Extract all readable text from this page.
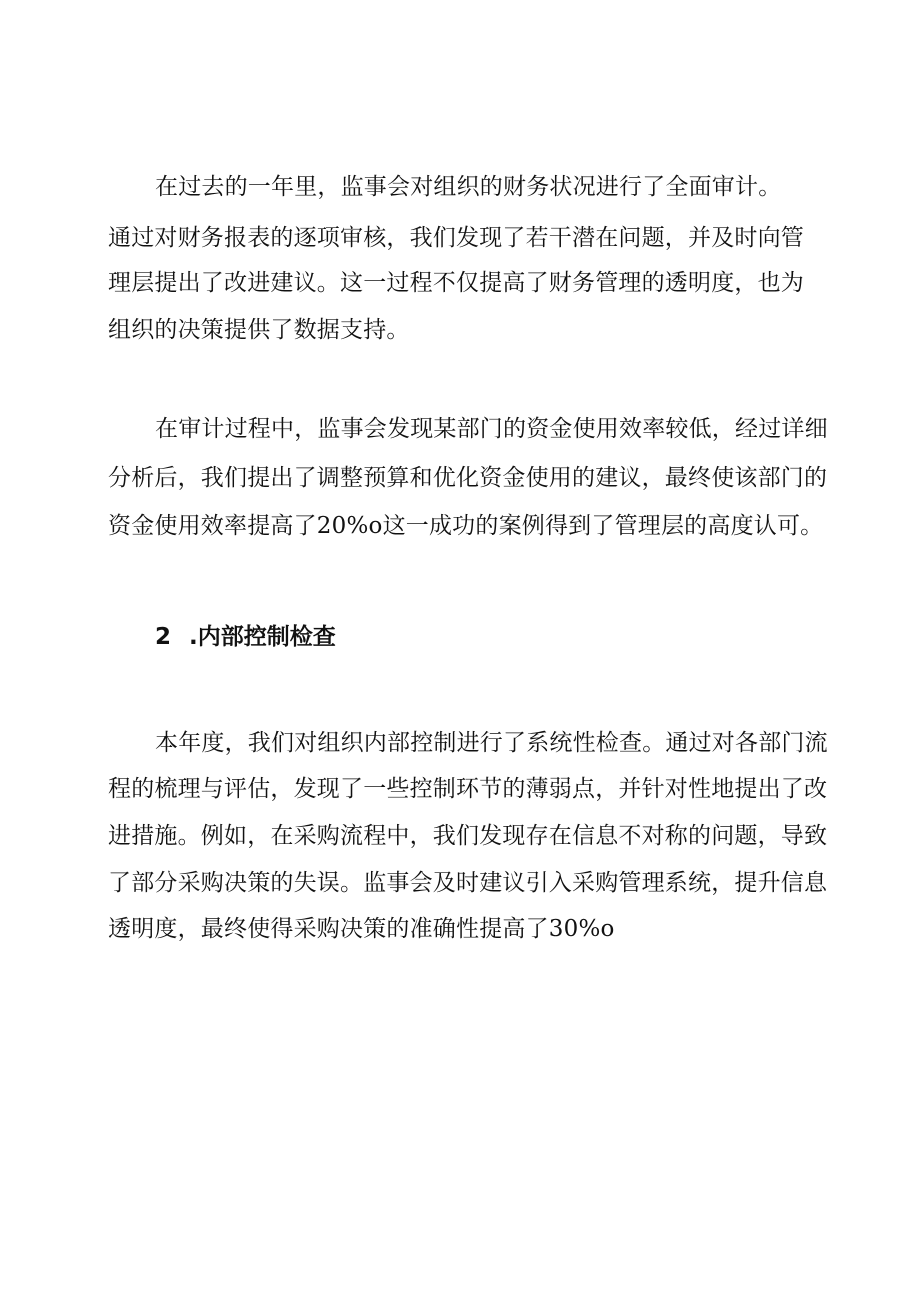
在过去的一年里，监事会对组织的财务状况进行了全面审计。
通过对财务报表的逐项审核，我们发现了若干潜在问题，并及时向管
理层提出了改进建议。这一过程不仅提高了财务管理的透明度，也为
组织的决策提供了数据支持。
在审计过程中，监事会发现某部门的资金使用效率较低，经过详细
分析后，我们提出了调整预算和优化资金使用的建议，最终使该部门的
资金使用效率提高了20%o这一成功的案例得到了管理层的高度认可。
2 .内部控制检查
本年度，我们对组织内部控制进行了系统性检查。通过对各部门流
程的梳理与评估，发现了一些控制环节的薄弱点，并针对性地提出了改
进措施。例如，在采购流程中，我们发现存在信息不对称的问题，导致
了部分采购决策的失误。监事会及时建议引入采购管理系统，提升信息
透明度，最终使得采购决策的准确性提高了30%o
